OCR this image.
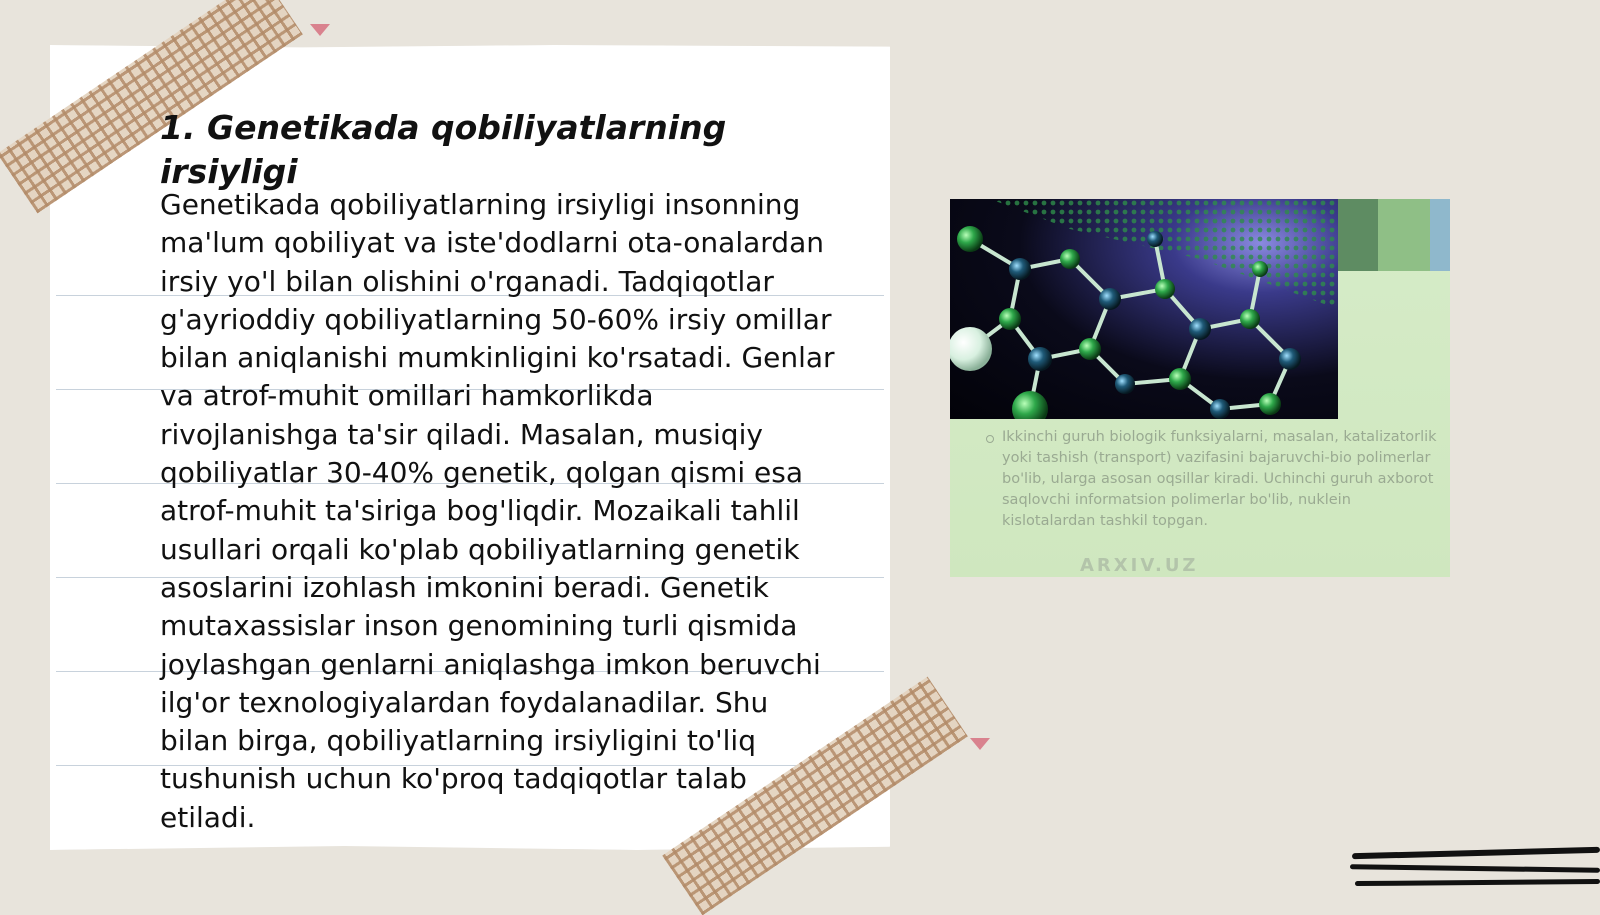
1. Genetikada qobiliyatlarning irsiyligi

Genetikada qobiliyatlarning irsiyligi insonning ma'lum qobiliyat va iste'dodlarni ota-onalardan irsiy yo'l bilan olishini o'rganadi. Tadqiqotlar g'ayrioddiy qobiliyatlarning 50-60% irsiy omillar bilan aniqlanishi mumkinligini ko'rsatadi. Genlar va atrof-muhit omillari hamkorlikda rivojlanishga ta'sir qiladi. Masalan, musiqiy qobiliyatlar 30-40% genetik, qolgan qismi esa atrof-muhit ta'siriga bog'liqdir. Mozaikali tahlil usullari orqali ko'plab qobiliyatlarning genetik asoslarini izohlash imkonini beradi. Genetik mutaxassislar inson genomining turli qismida joylashgan genlarni aniqlashga imkon beruvchi ilg'or texnologiyalardan foydalanadilar. Shu bilan birga, qobiliyatlarning irsiyligini to'liq tushunish uchun ko'proq tadqiqotlar talab etiladi.

Ikkinchi guruh biologik funksiyalarni, masalan, katalizatorlik yoki tashish (transport) vazifasini bajaruvchi-bio polimerlar bo'lib, ularga asosan oqsillar kiradi. Uchinchi guruh axborot saqlovchi informatsion polimerlar bo'lib, nuklein kislotalardan tashkil topgan.

ARXIV.UZ
